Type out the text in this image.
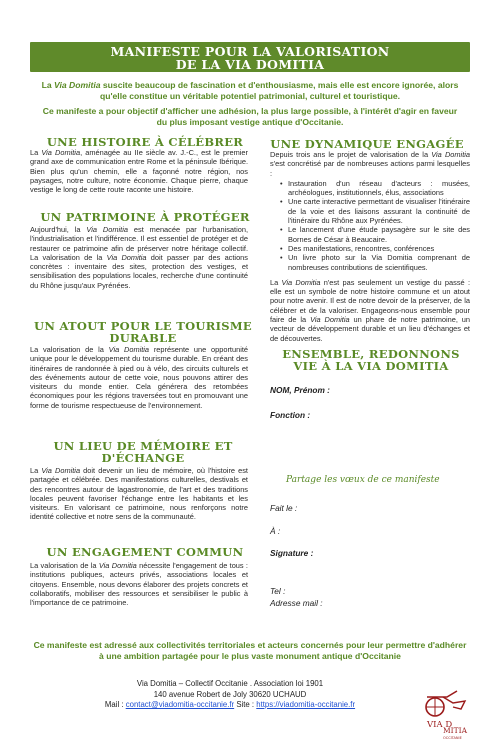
MANIFESTE POUR LA VALORISATION
DE LA VIA DOMITIA
La Via Domitia suscite beaucoup de fascination et d'enthousiasme, mais elle est encore ignorée, alors qu'elle constitue un véritable potentiel patrimonial, culturel et touristique.
Ce manifeste a pour objectif d'afficher une adhésion, la plus large possible, à l'intérêt d'agir en faveur du plus imposant vestige antique d'Occitanie.
UNE HISTOIRE À CÉLÉBRER
La Via Domitia, aménagée au IIe siècle av. J.-C., est le premier grand axe de communication entre Rome et la péninsule Ibérique. Bien plus qu'un chemin, elle a façonné notre région, nos paysages, notre culture, notre économie. Chaque pierre, chaque vestige le long de cette route raconte une histoire.
UN PATRIMOINE À PROTÉGER
Aujourd'hui, la Via Domitia est menacée par l'urbanisation, l'industrialisation et l'indifférence. Il est essentiel de protéger et de restaurer ce patrimoine afin de préserver notre héritage collectif. La valorisation de la Via Domitia doit passer par des actions concrètes : inventaire des sites, protection des vestiges, et sensibilisation des populations locales, recherche d'une continuité du Rhône jusqu'aux Pyrénées.
UN ATOUT POUR LE TOURISME
DURABLE
La valorisation de la Via Domitia représente une opportunité unique pour le développement du tourisme durable. En créant des itinéraires de randonnée à pied ou à vélo, des circuits culturels et des événements autour de cette voie, nous pouvons attirer des visiteurs du monde entier. Cela générera des retombées économiques pour les régions traversées tout en promouvant une forme de tourisme respectueuse de l'environnement.
UN LIEU DE MÉMOIRE ET
D'ÉCHANGE
La Via Domitia doit devenir un lieu de mémoire, où l'histoire est partagée et célébrée. Des manifestations culturelles, destivals et des rencontres autour de lagastronomie, de l'art et des traditions locales peuvent favoriser l'échange entre les habitants et les visiteurs. En valorisant ce patrimoine, nous renforçons notre identité collective et notre sens de la communauté.
UN ENGAGEMENT COMMUN
La valorisation de la Via Domitia nécessite l'engagement de tous : institutions publiques, acteurs privés, associations locales et citoyens. Ensemble, nous devons élaborer des projets concrets et collaboratifs, mobiliser des ressources et sensibiliser le public à l'importance de ce patrimoine.
UNE DYNAMIQUE ENGAGÉE
Depuis trois ans le projet de valorisation de la Via Domitia s'est concrétisé par de nombreuses actions parmi lesquelles :
• Instauration d'un réseau d'acteurs : musées, archéologues, institutionnels, élus, associations
• Une carte interactive permettant de visualiser l'itinéraire de la voie et des liaisons assurant la continuité de l'itinéraire du Rhône aux Pyrénées.
• Le lancement d'une étude paysagère sur le site des Bornes de César à Beaucaire.
• Des manifestations, rencontres, conférences
• Un livre photo sur la Via Domitia comprenant de nombreuses contributions de scientifiques.
La Via Domitia n'est pas seulement un vestige du passé : elle est un symbole de notre histoire commune et un atout pour notre avenir. Il est de notre devoir de la préserver, de la célébrer et de la valoriser. Engageons-nous ensemble pour faire de la Via Domitia un phare de notre patrimoine, un vecteur de développement durable et un lieu d'échanges et de découvertes.
ENSEMBLE, REDONNONS
VIE À LA VIA DOMITIA
NOM, Prénom :
Fonction :
Partage les vœux de ce manifeste
Fait le :
À :
Signature :
Tel :
Adresse mail :
Ce manifeste est adressé aux collectivités territoriales et acteurs concernés pour leur permettre d'adhérer à une ambition partagée pour le plus vaste monument antique d'Occitanie
Via Domitia – Collectif Occitanie . Association loi 1901
140 avenue Robert de Joly 30620 UCHAUD
Mail : contact@viadomitia-occitanie.fr Site : https://viadomitia-occitanie.fr
VIA D
MITIA
OCCITANIE
